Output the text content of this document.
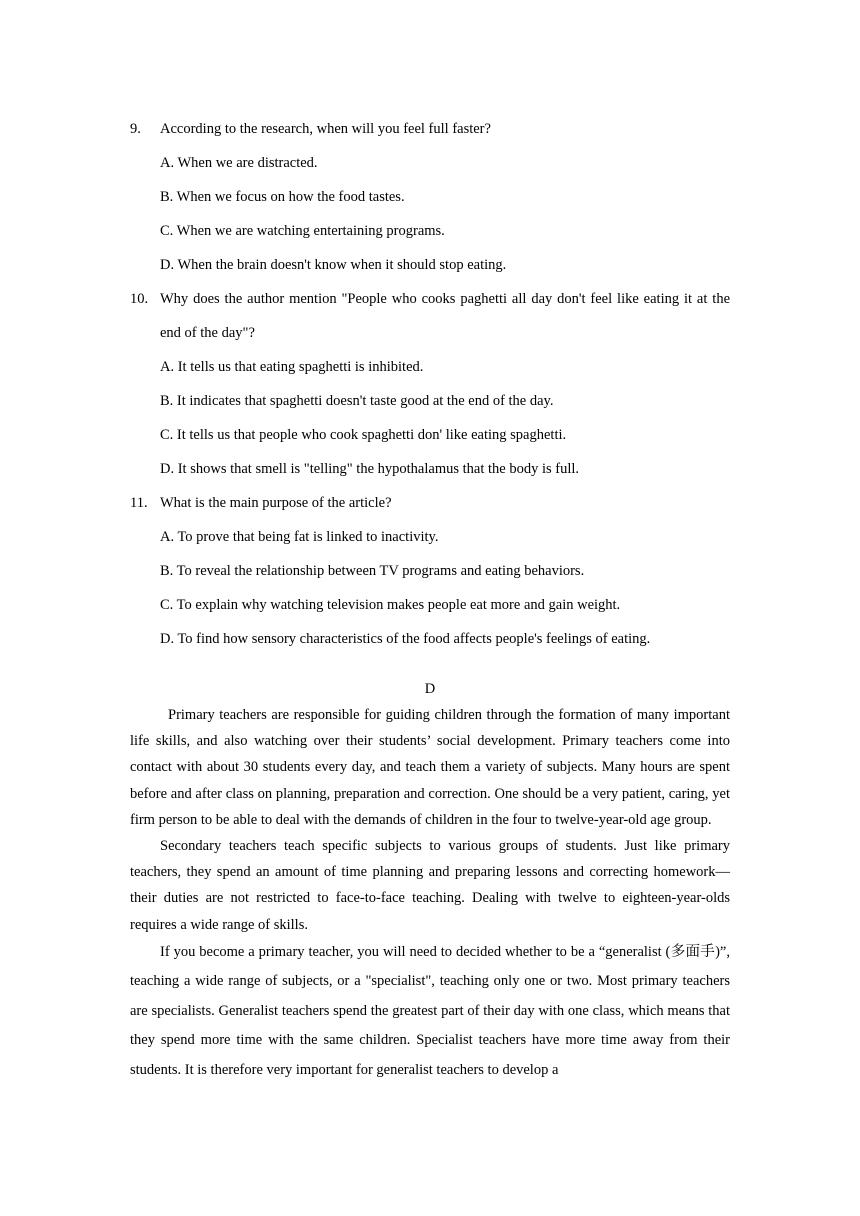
9.	According to the research, when will you feel full faster?
A. When we are distracted.
B. When we focus on how the food tastes.
C. When we are watching entertaining programs.
D. When the brain doesn't know when it should stop eating.
10. Why does the author mention "People who cooks paghetti all day don't feel like eating it at the end of the day"?
A. It tells us that eating spaghetti is inhibited.
B. It indicates that spaghetti doesn't taste good at the end of the day.
C. It tells us that people who cook spaghetti don' like eating spaghetti.
D. It shows that smell is "telling" the hypothalamus that the body is full.
11. What is the main purpose of the article?
A. To prove that being fat is linked to inactivity.
B. To reveal the relationship between TV programs and eating behaviors.
C. To explain why watching television makes people eat more and gain weight.
D. To find how sensory characteristics of the food affects people's feelings of eating.
D

Primary teachers are responsible for guiding children through the formation of many important life skills, and also watching over their students’ social development. Primary teachers come into contact with about 30 students every day, and teach them a variety of subjects. Many hours are spent before and after class on planning, preparation and correction. One should be a very patient, caring, yet firm person to be able to deal with the demands of children in the four to twelve-year-old age group.

Secondary teachers teach specific subjects to various groups of students. Just like primary teachers, they spend an amount of time planning and preparing lessons and correcting homework—their duties are not restricted to face-to-face teaching. Dealing with twelve to eighteen-year-olds requires a wide range of skills.

If you become a primary teacher, you will need to decided whether to be a “generalist (多面手)”, teaching a wide range of subjects, or a "specialist", teaching only one or two. Most primary teachers are specialists. Generalist teachers spend the greatest part of their day with one class, which means that they spend more time with the same children. Specialist teachers have more time away from their students. It is therefore very important for generalist teachers to develop a
